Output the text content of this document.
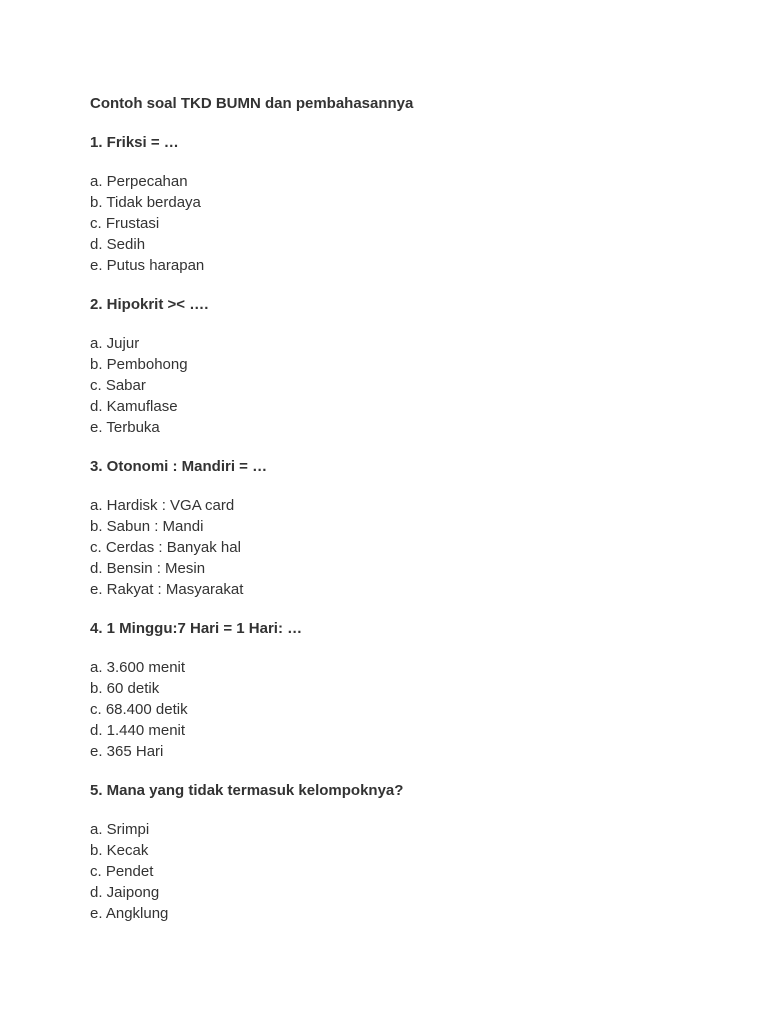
Contoh soal TKD BUMN dan pembahasannya
1. Friksi = …
a. Perpecahan
b. Tidak berdaya
c. Frustasi
d. Sedih
e. Putus harapan
2. Hipokrit >< ….
a. Jujur
b. Pembohong
c. Sabar
d. Kamuflase
e. Terbuka
3. Otonomi : Mandiri = …
a. Hardisk : VGA card
b. Sabun : Mandi
c. Cerdas : Banyak hal
d. Bensin : Mesin
e. Rakyat : Masyarakat
4. 1 Minggu:7 Hari = 1 Hari: …
a. 3.600 menit
b. 60 detik
c. 68.400 detik
d. 1.440 menit
e. 365 Hari
5. Mana yang tidak termasuk kelompoknya?
a. Srimpi
b. Kecak
c. Pendet
d. Jaipong
e. Angklung
